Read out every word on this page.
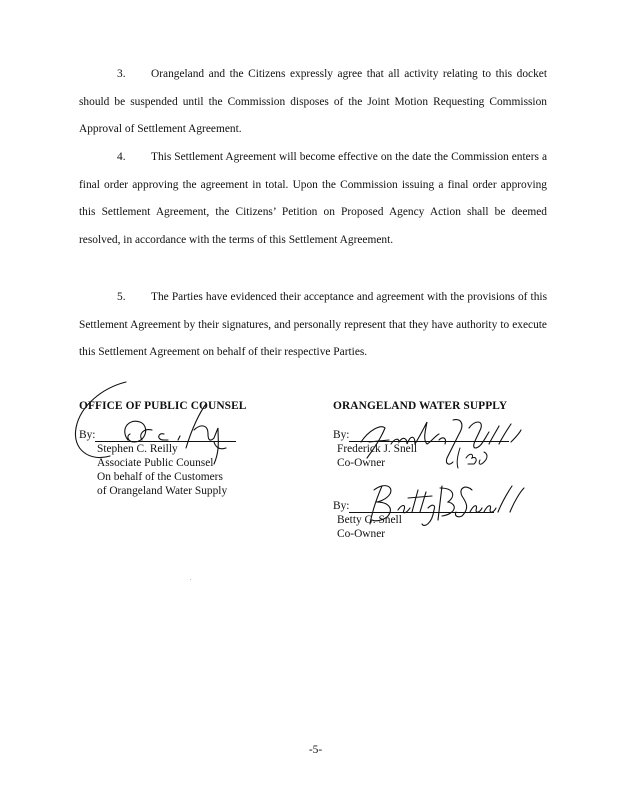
3. Orangeland and the Citizens expressly agree that all activity relating to this docket should be suspended until the Commission disposes of the Joint Motion Requesting Commission Approval of Settlement Agreement.

4. This Settlement Agreement will become effective on the date the Commission enters a final order approving the agreement in total. Upon the Commission issuing a final order approving this Settlement Agreement, the Citizens’ Petition on Proposed Agency Action shall be deemed resolved, in accordance with the terms of this Settlement Agreement.

5. The Parties have evidenced their acceptance and agreement with the provisions of this Settlement Agreement by their signatures, and personally represent that they have authority to execute this Settlement Agreement on behalf of their respective Parties.

OFFICE OF PUBLIC COUNSEL
By:
Stephen C. Reilly
Associate Public Counsel
On behalf of the Customers
of Orangeland Water Supply
ORANGELAND WATER SUPPLY
By:
Frederick J. Snell
Co-Owner
By:
Betty G. Snell
Co-Owner
-5-
